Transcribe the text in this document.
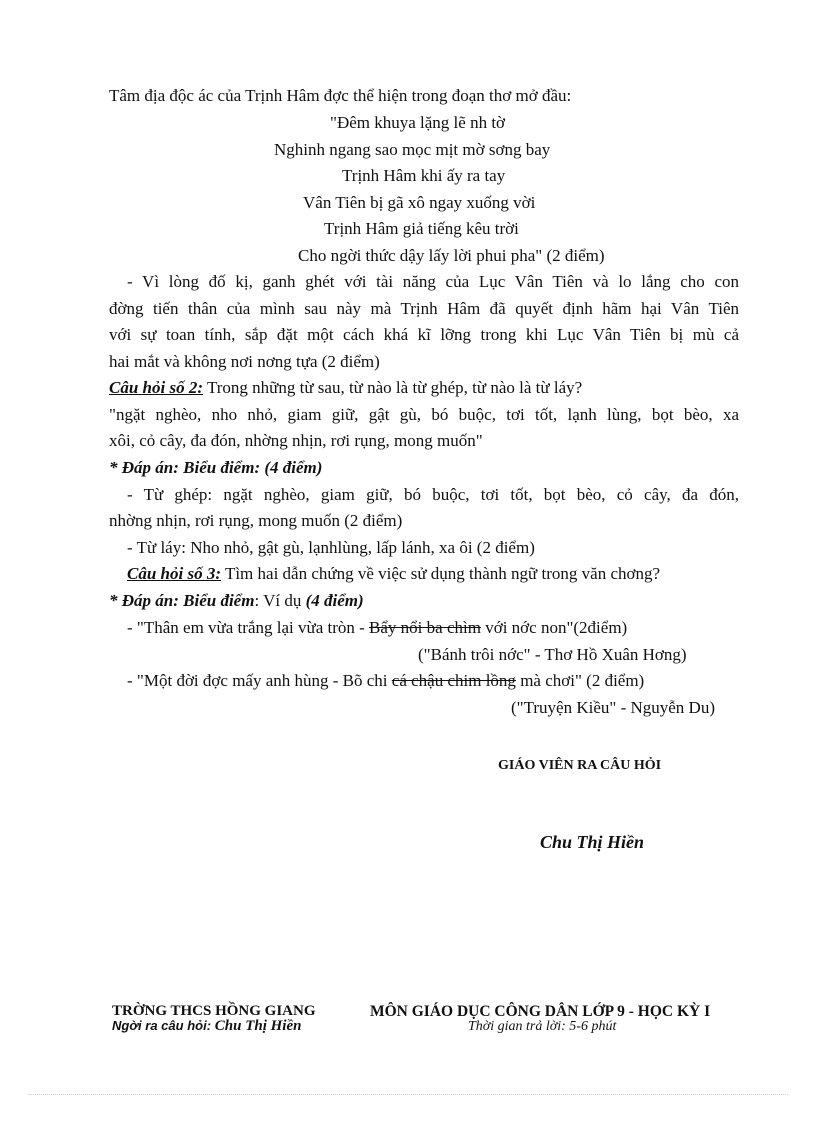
Tâm địa độc ác của Trịnh Hâm đợc thể hiện trong đoạn thơ mở đầu:
"Đêm khuya lặng lẽ nh tờ
Nghinh ngang sao mọc mịt mờ sơng bay
Trịnh Hâm khi ấy ra tay
Vân Tiên bị gã xô ngay xuống vời
Trịnh Hâm giả tiếng kêu trời
Cho ngời thức dậy lấy lời phui pha" (2 điểm)
- Vì lòng đố kị, ganh ghét với tài năng của Lục Vân Tiên và lo lắng cho con
đờng tiến thân của mình sau này mà Trịnh Hâm đã quyết định hãm hại Vân Tiên
với sự toan tính, sắp đặt một cách khá kĩ lỡng trong khi Lục Vân Tiên bị mù cả
hai mắt và không nơi nơng tựa (2 điểm)
Câu hỏi số 2: Trong những từ sau, từ nào là từ ghép, từ nào là từ láy?
"ngặt nghèo, nho nhỏ, giam giữ, gật gù, bó buộc, tơi tốt, lạnh lùng, bọt bèo, xa
xôi, cỏ cây, đa đón, nhờng nhịn, rơi rụng, mong muốn"
* Đáp án: Biểu điểm: (4 điểm)
- Từ ghép: ngặt nghèo, giam giữ, bó buộc, tơi tốt, bọt bèo, cỏ cây, đa đón,
nhờng nhịn, rơi rụng, mong muốn (2 điểm)
- Từ láy: Nho nhỏ, gật gù, lạnhlùng, lấp lánh, xa ôi (2 điểm)
Câu hỏi số 3: Tìm hai dẫn chứng về việc sử dụng thành ngữ trong văn chơng?
* Đáp án: Biểu điểm: Ví dụ (4 điểm)
- "Thân em vừa trắng lại vừa tròn - Bẩy nổi ba chìm với nớc non"(2điểm)
("Bánh trôi nớc" - Thơ Hồ Xuân Hơng)
- "Một đời đợc mấy anh hùng - Bõ chi cá chậu chim lồng mà chơi" (2 điểm)
("Truyện Kiều" - Nguyễn Du)
GIÁO VIÊN RA CÂU HỎI
Chu Thị Hiền
TRỜNG THCS HỒNG GIANG	MÔN GIÁO DỤC CÔNG DÂN LỚP 9 - HỌC KỲ I
Ngời ra câu hỏi: Chu Thị Hiền	Thời gian trả lời: 5-6 phút
